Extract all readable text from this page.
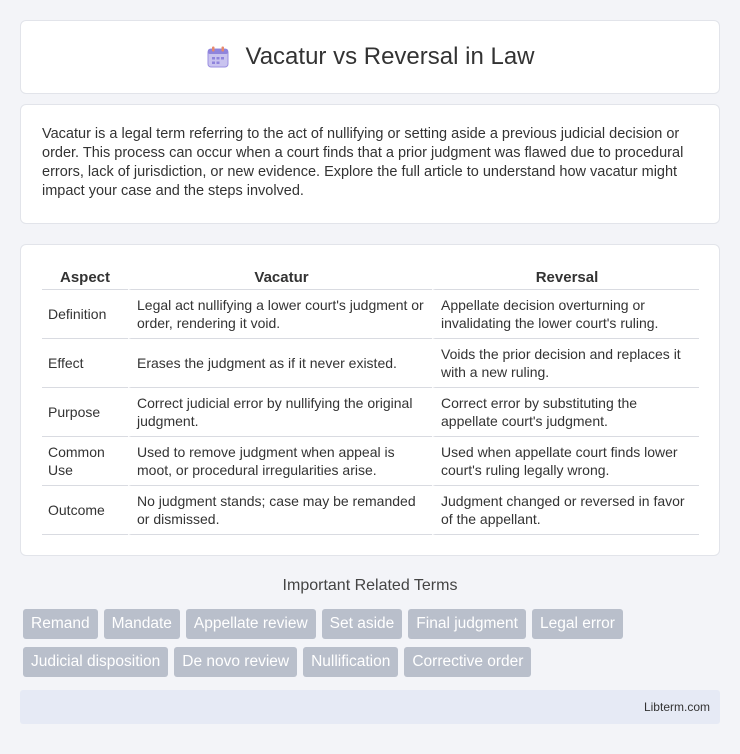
Vacatur vs Reversal in Law

Vacatur is a legal term referring to the act of nullifying or setting aside a previous judicial decision or order. This process can occur when a court finds that a prior judgment was flawed due to procedural errors, lack of jurisdiction, or new evidence. Explore the full article to understand how vacatur might impact your case and the steps involved.

Aspect	Vacatur	Reversal
Definition	Legal act nullifying a lower court's judgment or order, rendering it void.	Appellate decision overturning or invalidating the lower court's ruling.
Effect	Erases the judgment as if it never existed.	Voids the prior decision and replaces it with a new ruling.
Purpose	Correct judicial error by nullifying the original judgment.	Correct error by substituting the appellate court's judgment.
Common Use	Used to remove judgment when appeal is moot, or procedural irregularities arise.	Used when appellate court finds lower court's ruling legally wrong.
Outcome	No judgment stands; case may be remanded or dismissed.	Judgment changed or reversed in favor of the appellant.
Important Related Terms
Remand	Mandate	Appellate review	Set aside	Final judgment	Legal error
Judicial disposition	De novo review	Nullification	Corrective order
Libterm.com
